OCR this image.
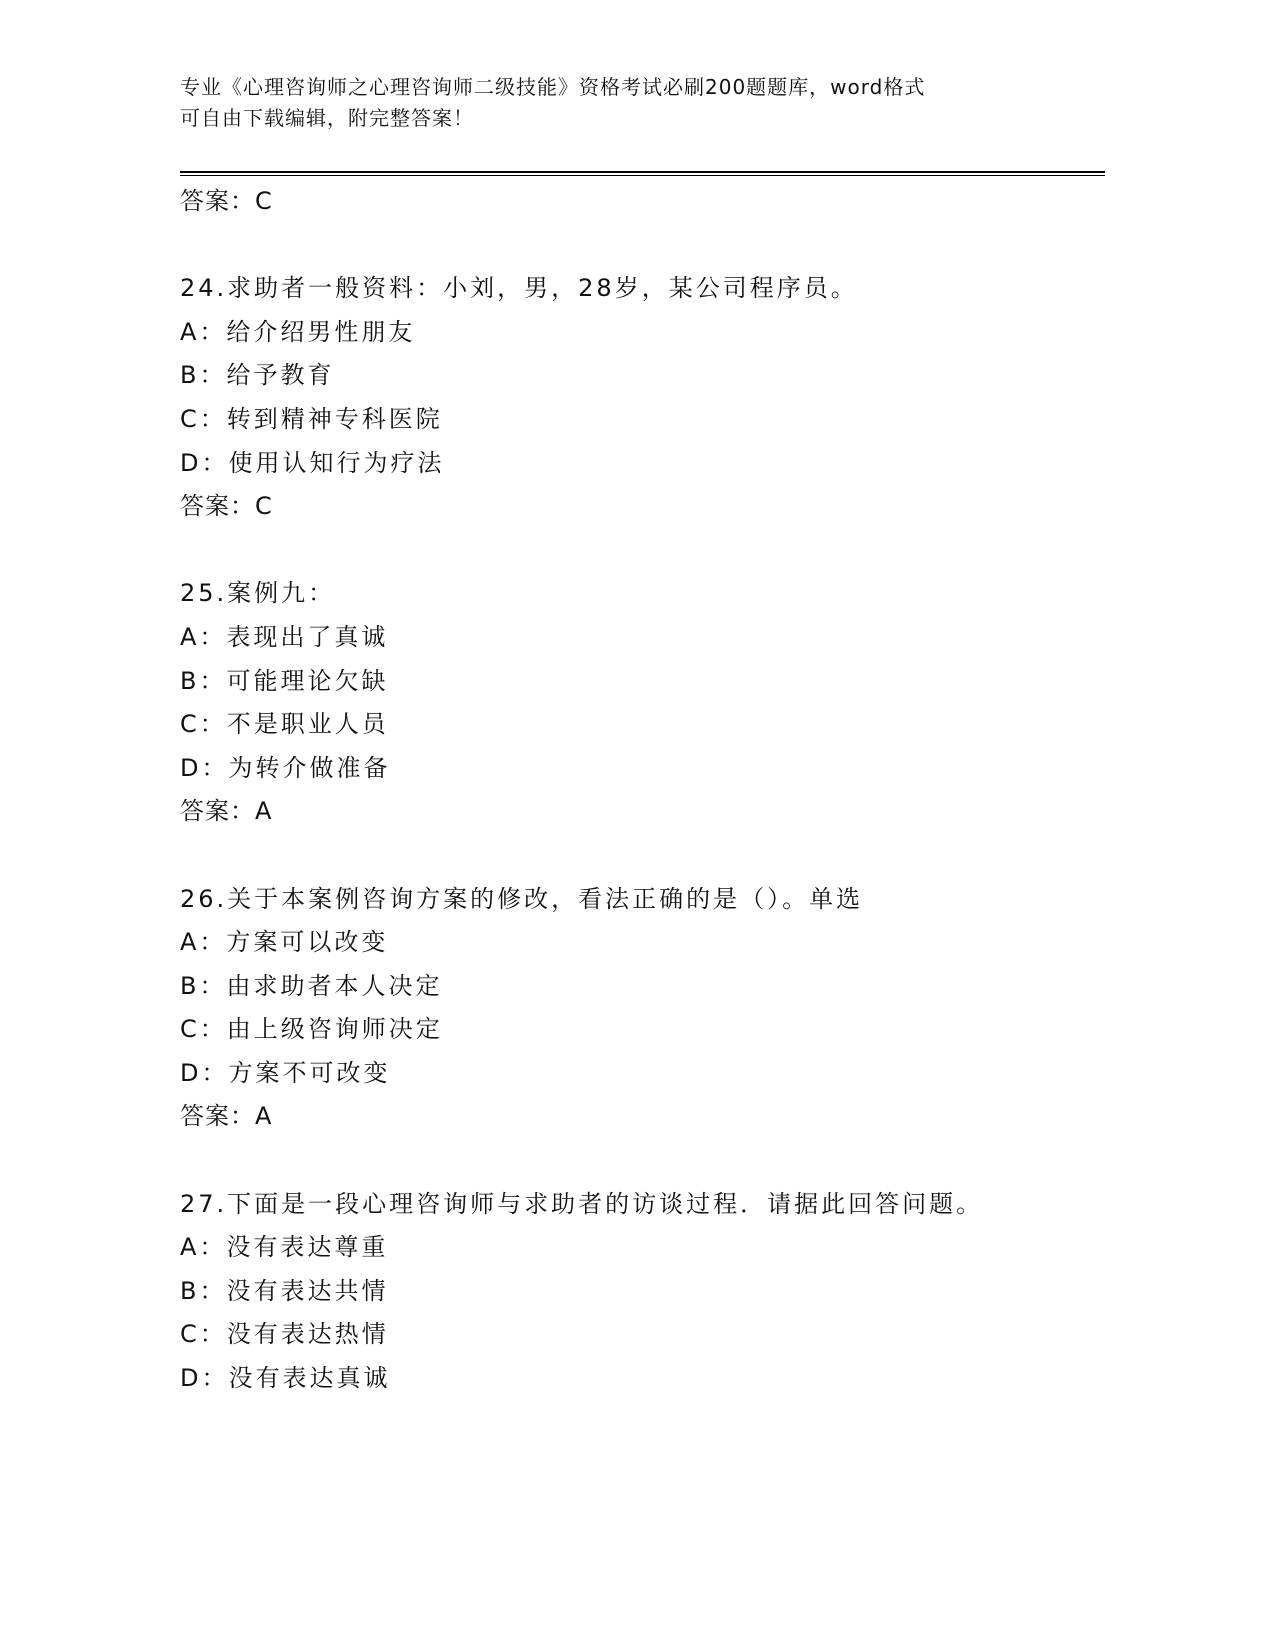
专业《心理咨询师之心理咨询师二级技能》资格考试必刷200题题库，word格式
可自由下载编辑，附完整答案！
答案：C
24.求助者一般资料：小刘，男，28岁，某公司程序员。
A：给介绍男性朋友
B：给予教育
C：转到精神专科医院
D：使用认知行为疗法
答案：C
25.案例九：
A：表现出了真诚
B：可能理论欠缺
C：不是职业人员
D：为转介做准备
答案：A
26.关于本案例咨询方案的修改，看法正确的是（）。单选
A：方案可以改变
B：由求助者本人决定
C：由上级咨询师决定
D：方案不可改变
答案：A
27.下面是一段心理咨询师与求助者的访谈过程．请据此回答问题。
A：没有表达尊重
B：没有表达共情
C：没有表达热情
D：没有表达真诚
